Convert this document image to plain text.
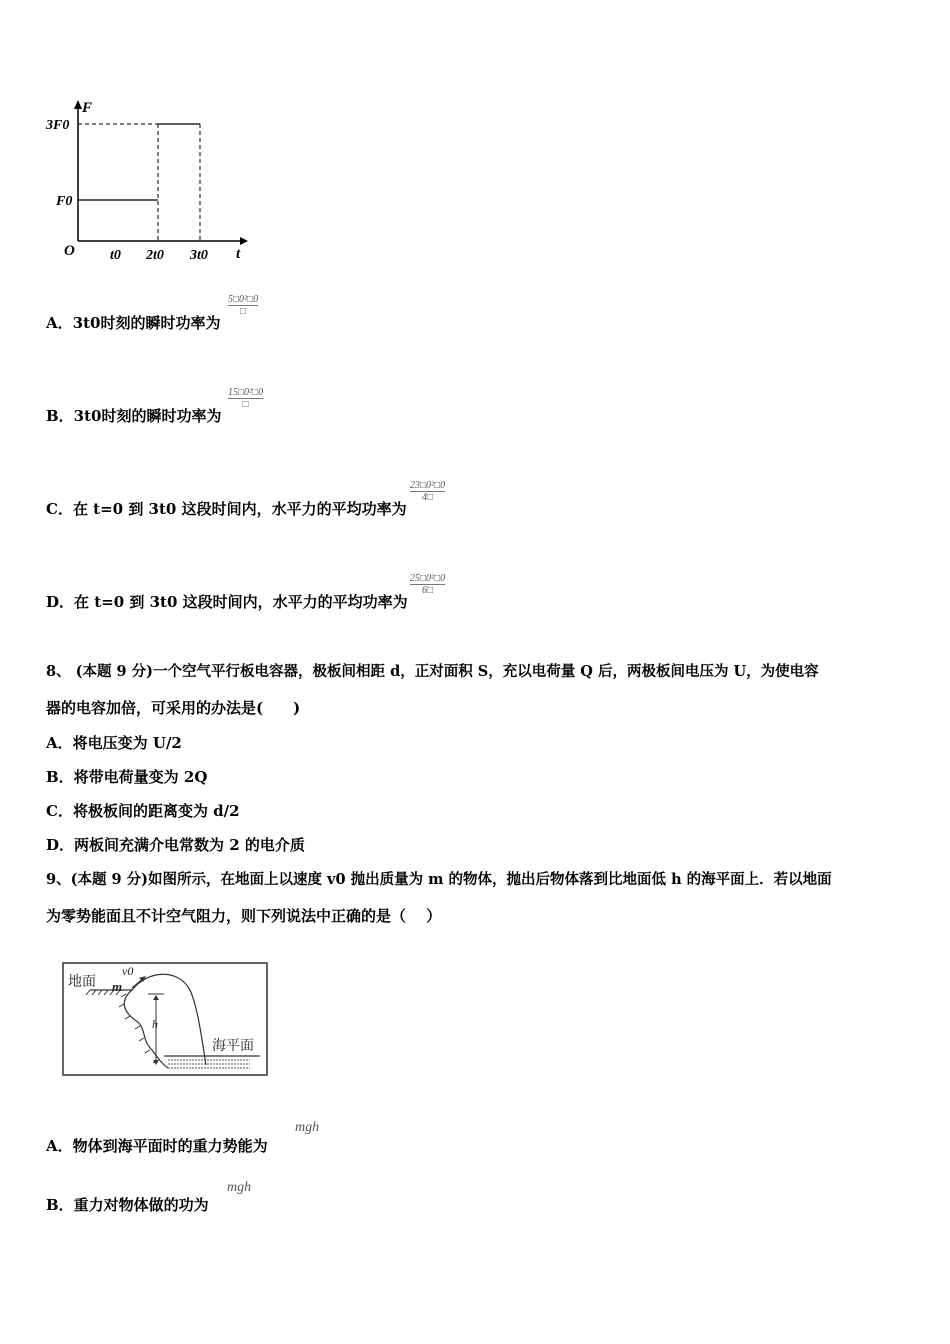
F
t
O
3F0
F0
t0 2t0 3t0
A．3t0时刻的瞬时功率为
5□0²□0
□
B．3t0时刻的瞬时功率为
15□0²□0
□
C．在 t=0 到 3t0 这段时间内，水平力的平均功率为
23□0²□0
4□
D．在 t=0 到 3t0 这段时间内，水平力的平均功率为
25□0²□0
6□
8、 (本题 9 分)一个空气平行板电容器，极板间相距 d，正对面积 S，充以电荷量 Q 后，两极板间电压为 U，为使电容
器的电容加倍，可采用的办法是(　　)
A．将电压变为 U/2
B．将带电荷量变为 2Q
C．将极板间的距离变为 d/2
D．两板间充满介电常数为 2 的电介质
9、(本题 9 分)如图所示，在地面上以速度 v0 抛出质量为 m 的物体，抛出后物体落到比地面低 h 的海平面上．若以地面
为零势能面且不计空气阻力，则下列说法中正确的是（　 ）
地面
v0
m
h
海平面
A．物体到海平面时的重力势能为
mgh
B．重力对物体做的功为
mgh
